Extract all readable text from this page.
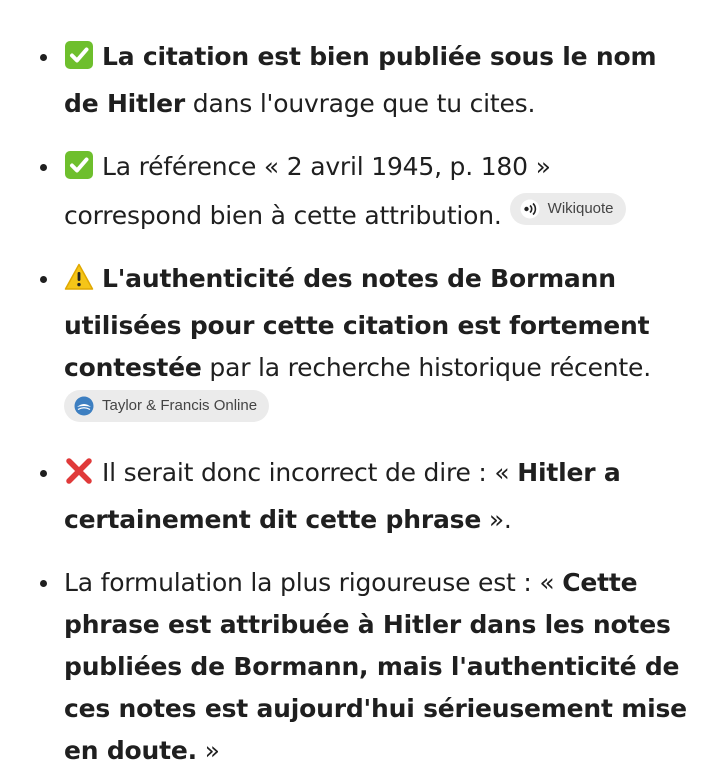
La citation est bien publiée sous le nom de Hitler dans l'ouvrage que tu cites.
La référence « 2 avril 1945, p. 180 » correspond bien à cette attribution.	Wikiquote
L'authenticité des notes de Bormann utilisées pour cette citation est fortement contestée par la recherche historique récente.

Taylor & Francis Online
Il serait donc incorrect de dire : « Hitler a certainement dit cette phrase ».
La formulation la plus rigoureuse est : « Cette phrase est attribuée à Hitler dans les notes publiées de Bormann, mais l'authenticité de ces notes est aujourd'hui sérieusement mise en doute. »
